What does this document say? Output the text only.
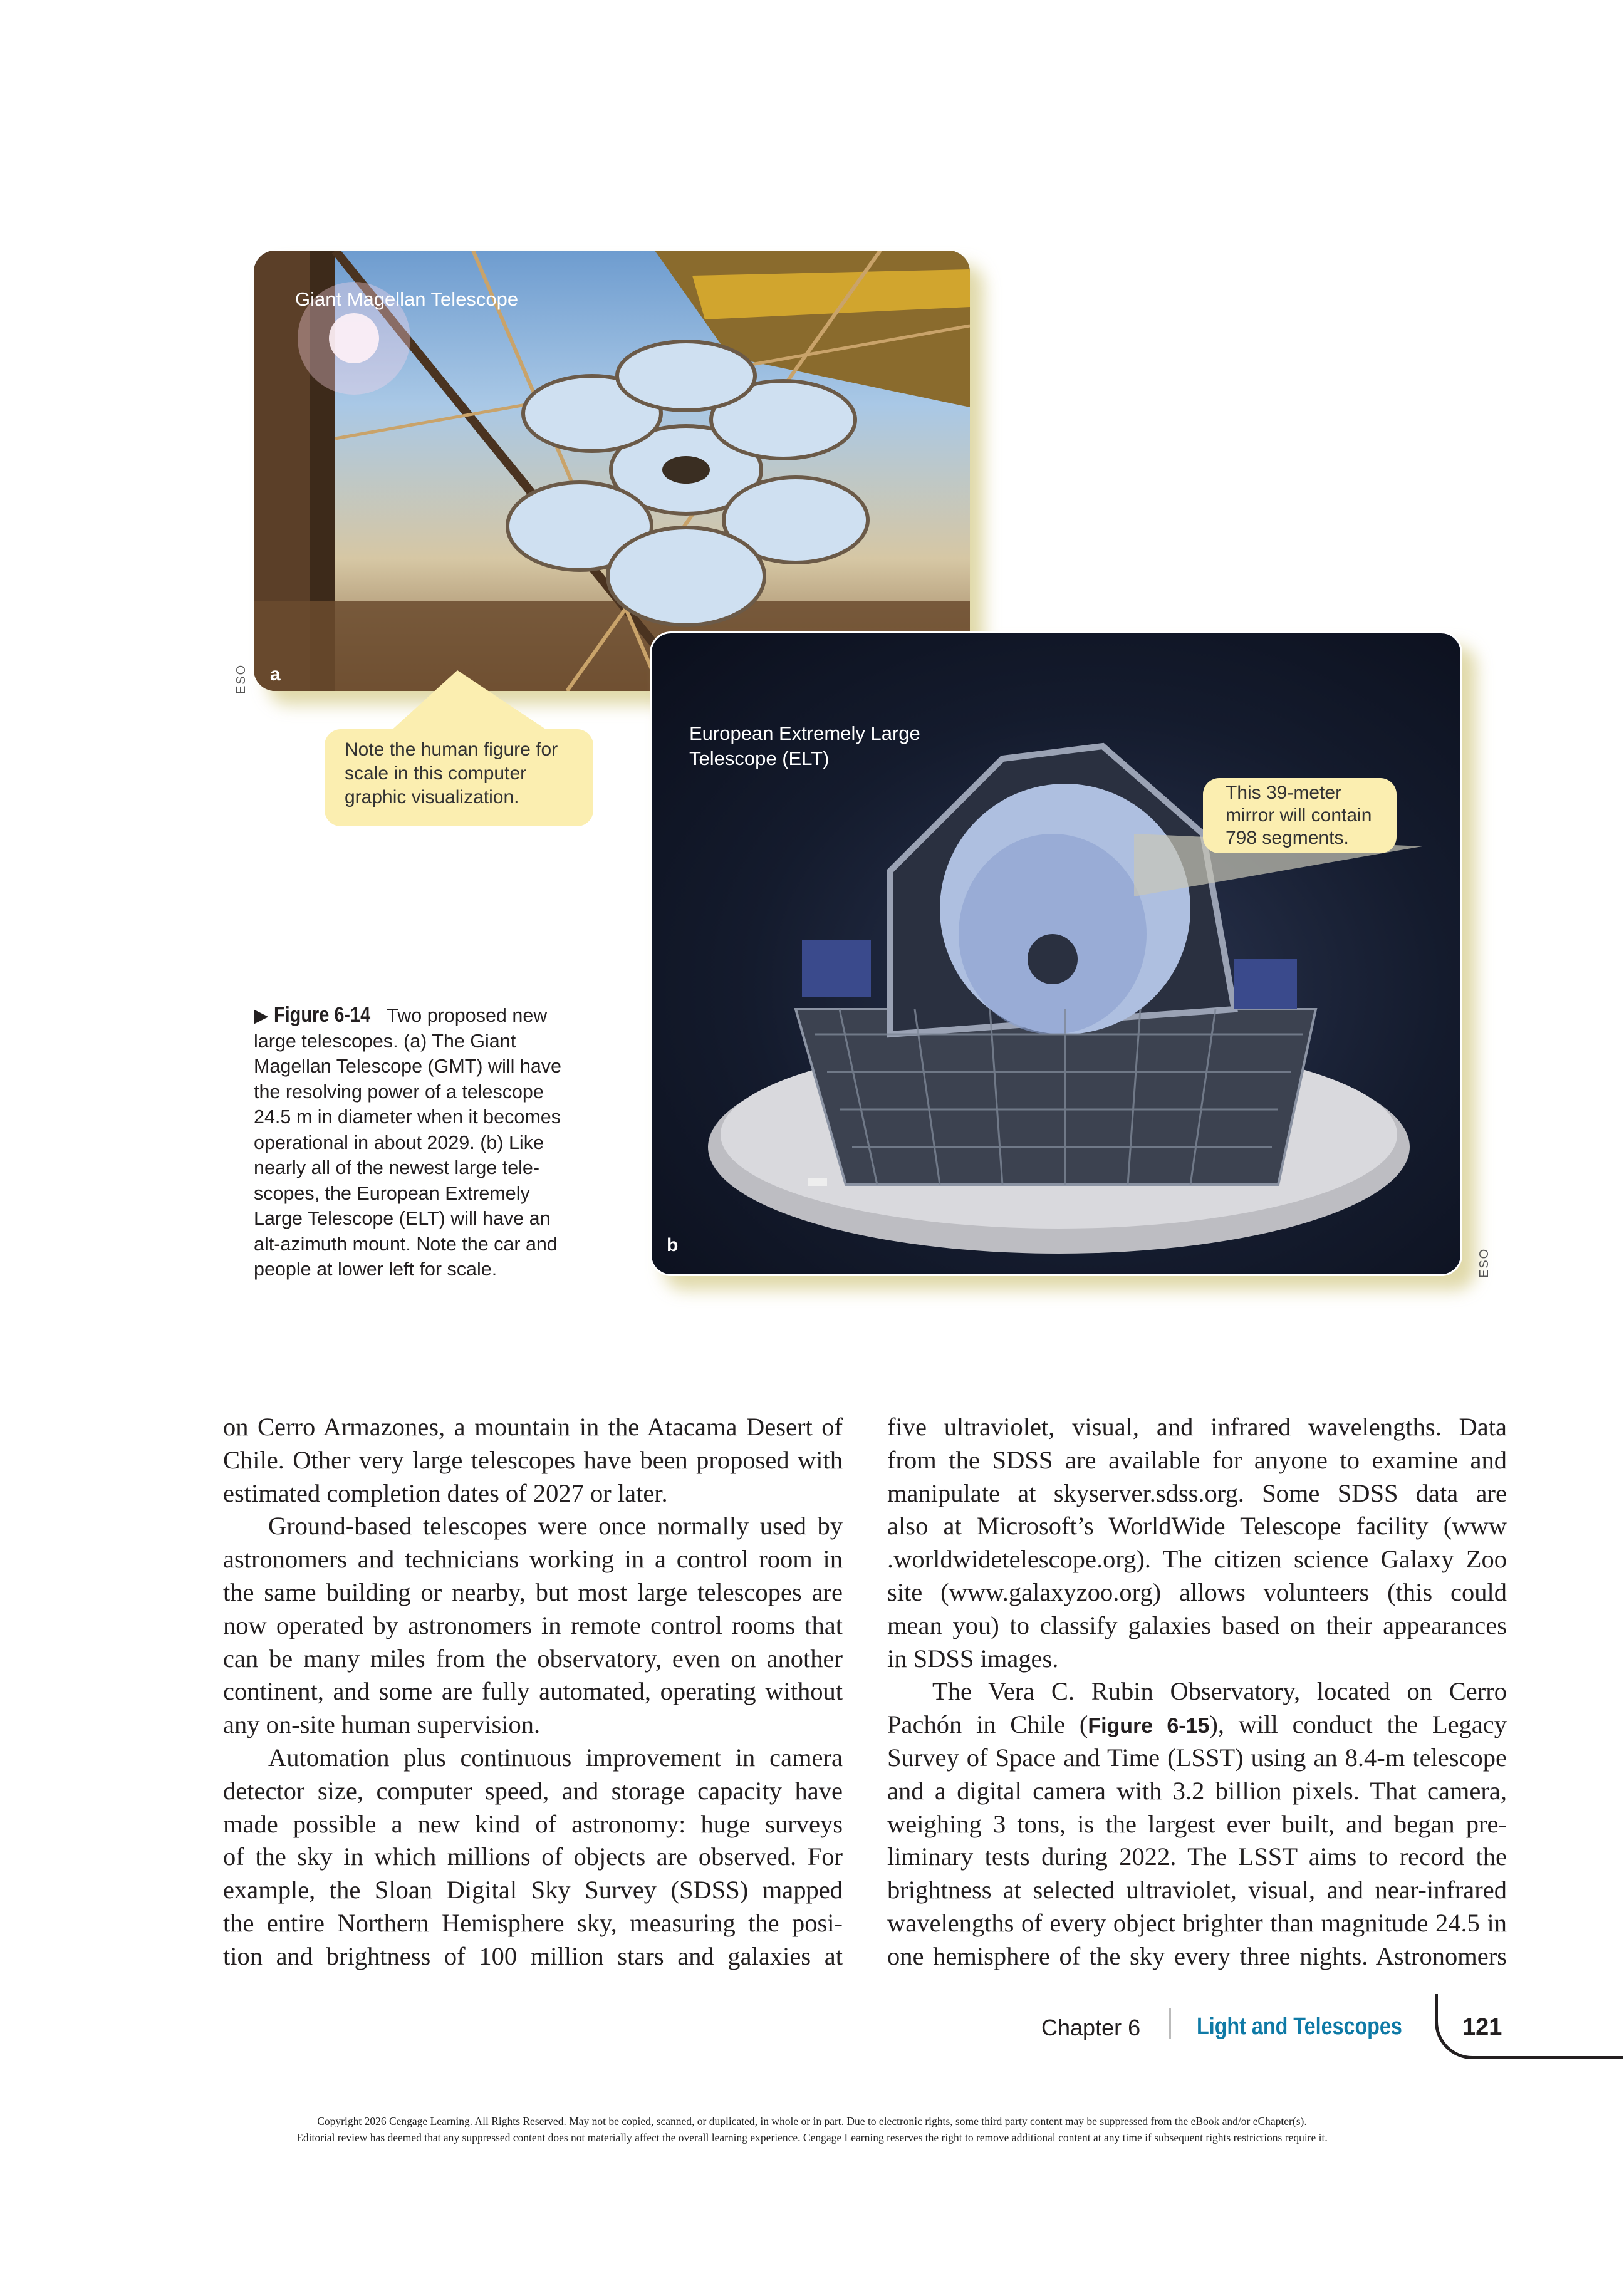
Giant Magellan Telescope
a
ESO
Note the human figure for
scale in this computer
graphic visualization.
European Extremely Large
Telescope (ELT)
b
ESO
This 39-meter
mirror will contain
798 segments.
▶ Figure 6-14 Two proposed new
large telescopes. (a) The Giant
Magellan Telescope (GMT) will have
the resolving power of a telescope
24.5 m in diameter when it becomes
operational in about 2029. (b) Like
nearly all of the newest large tele-
scopes, the European Extremely
Large Telescope (ELT) will have an
alt-azimuth mount. Note the car and
people at lower left for scale.
on Cerro Armazones, a mountain in the Atacama Desert of
Chile. Other very large telescopes have been proposed with
estimated completion dates of 2027 or later.
Ground-based telescopes were once normally used by
astronomers and technicians working in a control room in
the same building or nearby, but most large telescopes are
now operated by astronomers in remote control rooms that
can be many miles from the observatory, even on another
continent, and some are fully automated, operating without
any on-site human supervision.
Automation plus continuous improvement in camera
detector size, computer speed, and storage capacity have
made possible a new kind of astronomy: huge surveys
of the sky in which millions of objects are observed. For
example, the Sloan Digital Sky Survey (SDSS) mapped
the entire Northern Hemisphere sky, measuring the posi-
tion and brightness of 100 million stars and galaxies at
five ultraviolet, visual, and infrared wavelengths. Data
from the SDSS are available for anyone to examine and
manipulate at skyserver.sdss.org. Some SDSS data are
also at Microsoft’s WorldWide Telescope facility (www
.worldwidetelescope.org). The citizen science Galaxy Zoo
site (www.galaxyzoo.org) allows volunteers (this could
mean you) to classify galaxies based on their appearances
in SDSS images.
The Vera C. Rubin Observatory, located on Cerro
Pachón in Chile (Figure 6-15), will conduct the Legacy
Survey of Space and Time (LSST) using an 8.4-m telescope
and a digital camera with 3.2 billion pixels. That camera,
weighing 3 tons, is the largest ever built, and began pre-
liminary tests during 2022. The LSST aims to record the
brightness at selected ultraviolet, visual, and near-infrared
wavelengths of every object brighter than magnitude 24.5 in
one hemisphere of the sky every three nights. Astronomers
Chapter 6 Light and Telescopes	121
Copyright 2026 Cengage Learning. All Rights Reserved. May not be copied, scanned, or duplicated, in whole or in part. Due to electronic rights, some third party content may be suppressed from the eBook and/or eChapter(s).
Editorial review has deemed that any suppressed content does not materially affect the overall learning experience. Cengage Learning reserves the right to remove additional content at any time if subsequent rights restrictions require it.
